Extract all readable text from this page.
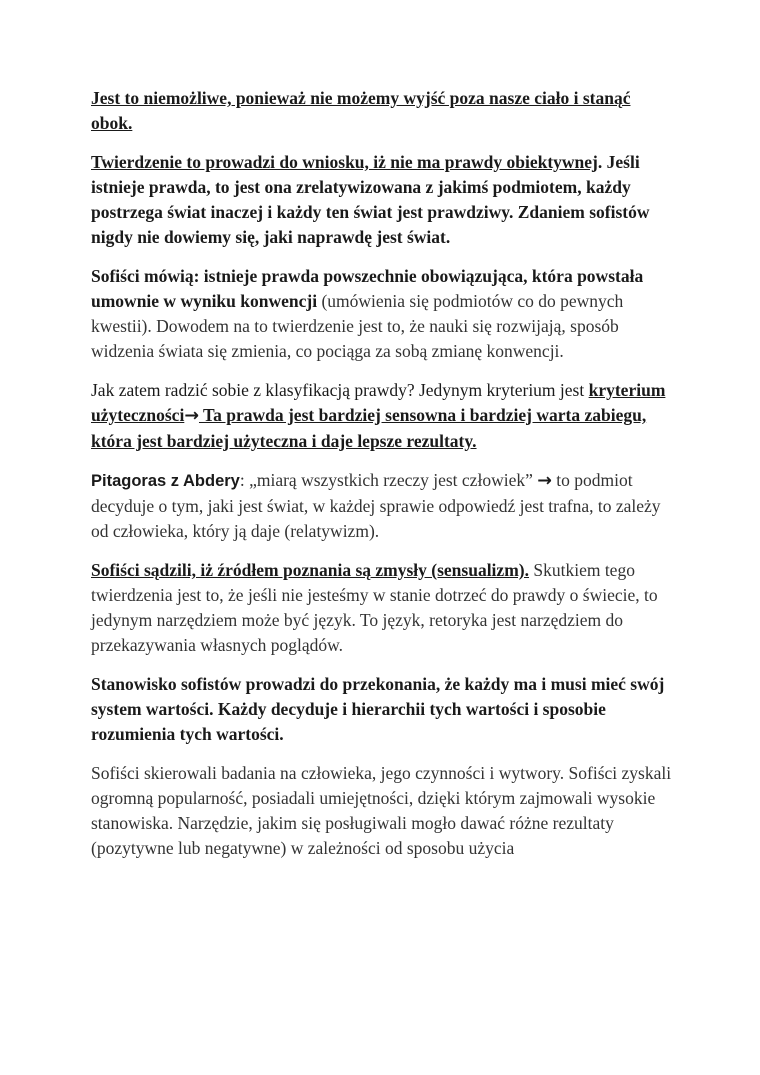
Jest to niemożliwe, ponieważ nie możemy wyjść poza nasze ciało i stanąć obok.

Twierdzenie to prowadzi do wniosku, iż nie ma prawdy obiektywnej. Jeśli istnieje prawda, to jest ona zrelatywizowana z jakimś podmiotem, każdy postrzega świat inaczej i każdy ten świat jest prawdziwy. Zdaniem sofistów nigdy nie dowiemy się, jaki naprawdę jest świat.

Sofiści mówią: istnieje prawda powszechnie obowiązująca, która powstała umownie w wyniku konwencji (umówienia się podmiotów co do pewnych kwestii). Dowodem na to twierdzenie jest to, że nauki się rozwijają, sposób widzenia świata się zmienia, co pociąga za sobą zmianę konwencji.

Jak zatem radzić sobie z klasyfikacją prawdy? Jedynym kryterium jest kryterium użyteczności→ Ta prawda jest bardziej sensowna i bardziej warta zabiegu, która jest bardziej użyteczna i daje lepsze rezultaty.

Pitagoras z Abdery: „miarą wszystkich rzeczy jest człowiek” → to podmiot decyduje o tym, jaki jest świat, w każdej sprawie odpowiedź jest trafna, to zależy od człowieka, który ją daje (relatywizm).

Sofiści sądzili, iż źródłem poznania są zmysły (sensualizm). Skutkiem tego twierdzenia jest to, że jeśli nie jesteśmy w stanie dotrzeć do prawdy o świecie, to jedynym narzędziem może być język. To język, retoryka jest narzędziem do przekazywania własnych poglądów.

Stanowisko sofistów prowadzi do przekonania, że każdy ma i musi mieć swój system wartości. Każdy decyduje i hierarchii tych wartości i sposobie rozumienia tych wartości.

Sofiści skierowali badania na człowieka, jego czynności i wytwory. Sofiści zyskali ogromną popularność, posiadali umiejętności, dzięki którym zajmowali wysokie stanowiska. Narzędzie, jakim się posługiwali mogło dawać różne rezultaty (pozytywne lub negatywne) w zależności od sposobu użycia
